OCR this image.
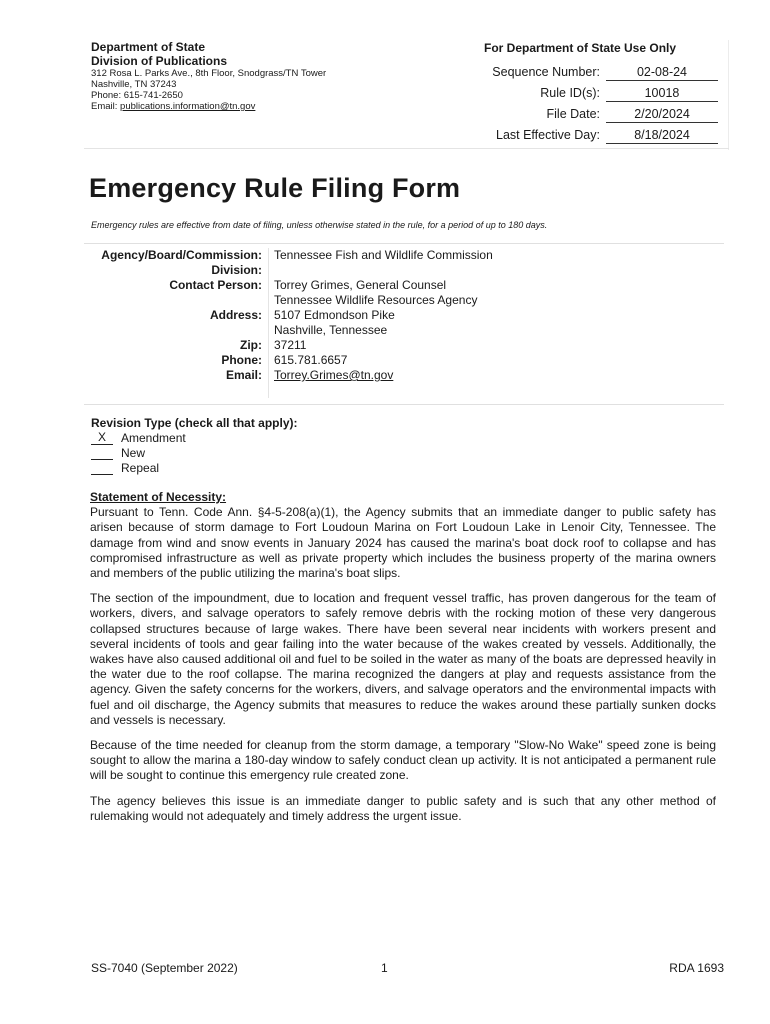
Department of State
Division of Publications
312 Rosa L. Parks Ave., 8th Floor, Snodgrass/TN Tower
Nashville, TN 37243
Phone: 615-741-2650
Email: publications.information@tn.gov
For Department of State Use Only
Sequence Number:	02-08-24
Rule ID(s):	10018
File Date:	2/20/2024
Last Effective Day:	8/18/2024
Emergency Rule Filing Form
Emergency rules are effective from date of filing, unless otherwise stated in the rule, for a period of up to 180 days.
Agency/Board/Commission:	Tennessee Fish and Wildlife Commission
Division:
Contact Person:	Torrey Grimes, General Counsel
Tennessee Wildlife Resources Agency
Address:	5107 Edmondson Pike
Nashville, Tennessee
Zip:	37211
Phone:	615.781.6657
Email:	Torrey.Grimes@tn.gov

Revision Type (check all that apply):
X	Amendment
New
Repeal
Statement of Necessity:

Pursuant to Tenn. Code Ann. §4-5-208(a)(1), the Agency submits that an immediate danger to public safety has arisen because of storm damage to Fort Loudoun Marina on Fort Loudoun Lake in Lenoir City, Tennessee. The damage from wind and snow events in January 2024 has caused the marina's boat dock roof to collapse and has compromised infrastructure as well as private property which includes the business property of the marina owners and members of the public utilizing the marina's boat slips.

The section of the impoundment, due to location and frequent vessel traffic, has proven dangerous for the team of workers, divers, and salvage operators to safely remove debris with the rocking motion of these very dangerous collapsed structures because of large wakes. There have been several near incidents with workers present and several incidents of tools and gear failing into the water because of the wakes created by vessels. Additionally, the wakes have also caused additional oil and fuel to be soiled in the water as many of the boats are depressed heavily in the water due to the roof collapse. The marina recognized the dangers at play and requests assistance from the agency. Given the safety concerns for the workers, divers, and salvage operators and the environmental impacts with fuel and oil discharge, the Agency submits that measures to reduce the wakes around these partially sunken docks and vessels is necessary.

Because of the time needed for cleanup from the storm damage, a temporary "Slow-No Wake" speed zone is being sought to allow the marina a 180-day window to safely conduct clean up activity. It is not anticipated a permanent rule will be sought to continue this emergency rule created zone.

The agency believes this issue is an immediate danger to public safety and is such that any other method of rulemaking would not adequately and timely address the urgent issue.

SS-7040 (September 2022)	1	RDA 1693
